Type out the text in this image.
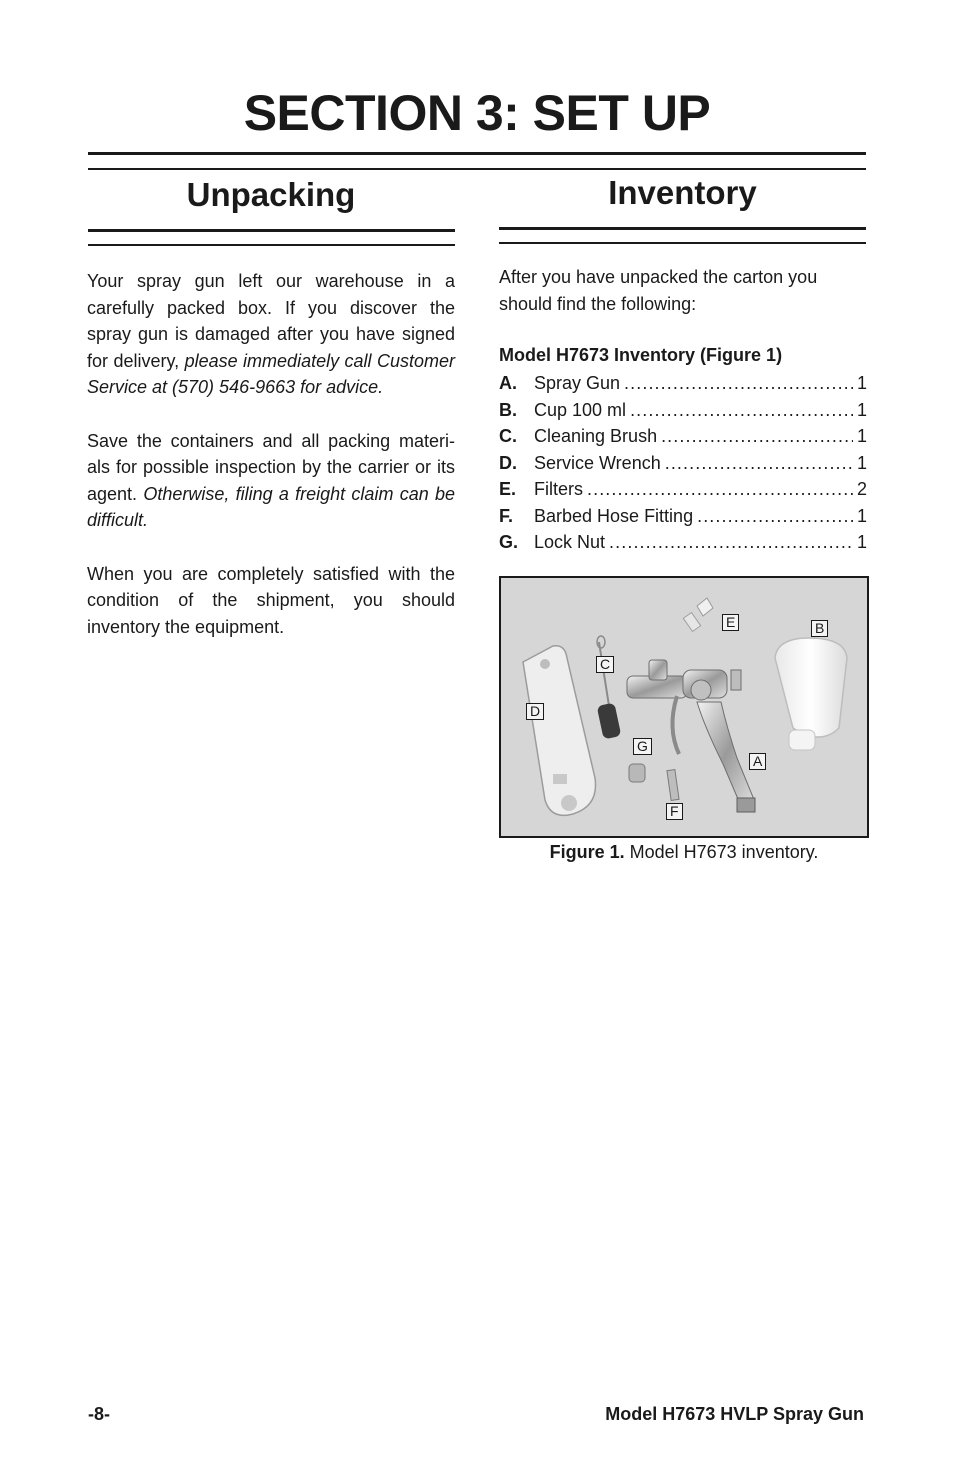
SECTION 3: SET UP
Unpacking

Your spray gun left our warehouse in a carefully packed box. If you discover the spray gun is damaged after you have signed for delivery, please immediately call Customer Service at (570) 546-9663 for advice.

Save the containers and all packing materi-als for possible inspection by the carrier or its agent. Otherwise, filing a freight claim can be difficult.

When you are completely satisfied with the condition of the shipment, you should inventory the equipment.

Inventory
After you have unpacked the carton you should find the following:
Model H7673 Inventory (Figure 1)
A. Spray Gun .....	1
B. Cup 100 ml .....	1
C. Cleaning Brush .....	1
D. Service Wrench .....	1
E. Filters .....	2
F.	Barbed Hose Fitting .....	1
G. Lock Nut .....	1
E	B
C
D
G
A
F
Figure 1. Model H7673 inventory.
-8-	Model H7673 HVLP Spray Gun
